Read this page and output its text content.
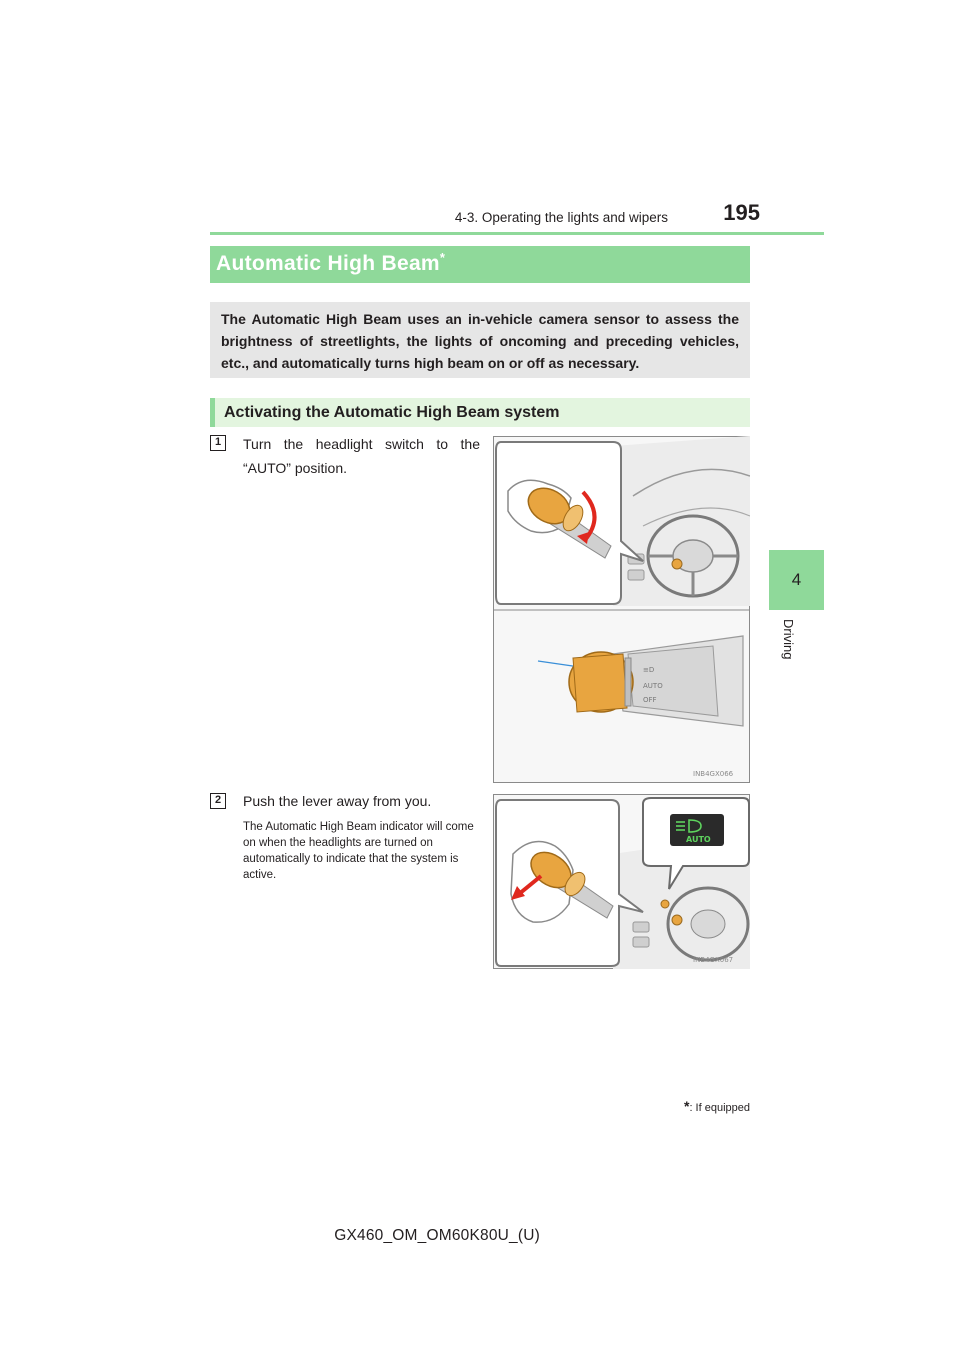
4-3. Operating the lights and wipers	195
4
Driving
Automatic High Beam*
The Automatic High Beam uses an in-vehicle camera sensor to assess the brightness of streetlights, the lights of oncoming and preceding vehicles, etc., and automatically turns high beam on or off as necessary.
Activating the Automatic High Beam system
1	Turn the headlight switch to the “AUTO” position.
≡D
AUTO
OFF
INB4GX066
2	Push the lever away from you.
The Automatic High Beam indicator will come on when the headlights are turned on automatically to indicate that the system is active.
AUTO
INB4GX067
*: If equipped
GX460_OM_OM60K80U_(U)
